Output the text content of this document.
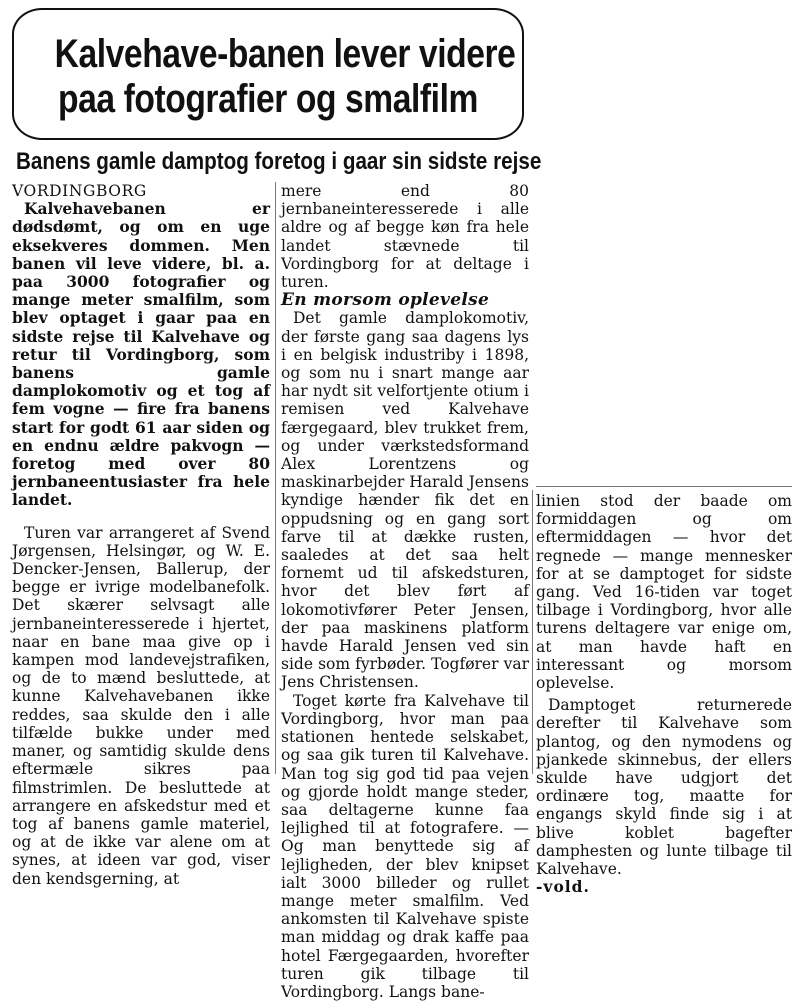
Kalvehave-banen lever videre
paa fotografier og smalfilm
Banens gamle damptog foretog i gaar sin sidste rejse

VORDINGBORG

Kalvehavebanen er dødsdømt, og om en uge eksekveres dommen. Men banen vil leve videre, bl. a. paa 3000 fotografier og mange meter smalfilm, som blev optaget i gaar paa en sidste rejse til Kalvehave og retur til Vordingborg, som banens gamle damplokomotiv og et tog af fem vogne — fire fra banens start for godt 61 aar siden og en endnu ældre pakvogn — foretog med over 80 jernbaneentusiaster fra hele landet.

Turen var arrangeret af Svend Jørgensen, Helsingør, og W. E. Dencker-Jensen, Ballerup, der begge er ivrige modelbanefolk. Det skærer selvsagt alle jernbaneinteresserede i hjertet, naar en bane maa give op i kampen mod landevejstrafiken, og de to mænd besluttede, at kunne Kalvehavebanen ikke reddes, saa skulde den i alle tilfælde bukke under med maner, og samtidig skulde dens eftermæle sikres paa filmstrimlen. De besluttede at arrangere en afskedstur med et tog af banens gamle materiel, og at de ikke var alene om at synes, at ideen var god, viser den kendsgerning, at

mere end 80 jernbaneinteresserede i alle aldre og af begge køn fra hele landet stævnede til Vordingborg for at deltage i turen.

En morsom oplevelse

Det gamle damplokomotiv, der første gang saa dagens lys i en belgisk industriby i 1898, og som nu i snart mange aar har nydt sit velfortjente otium i remisen ved Kalvehave færgegaard, blev trukket frem, og under værkstedsformand Alex Lorentzens og maskinarbejder Harald Jensens kyndige hænder fik det en oppudsning og en gang sort farve til at dække rusten, saaledes at det saa helt fornemt ud til afskedsturen, hvor det blev ført af lokomotivfører Peter Jensen, der paa maskinens platform havde Harald Jensen ved sin side som fyrbøder. Togfører var Jens Christensen.

Toget kørte fra Kalvehave til Vordingborg, hvor man paa stationen hentede selskabet, og saa gik turen til Kalvehave. Man tog sig god tid paa vejen og gjorde holdt mange steder, saa deltagerne kunne faa lejlighed til at fotografere. — Og man benyttede sig af lejligheden, der blev knipset ialt 3000 billeder og rullet mange meter smalfilm. Ved ankomsten til Kalvehave spiste man middag og drak kaffe paa hotel Færgegaarden, hvorefter turen gik tilbage til Vordingborg. Langs bane-

linien stod der baade om formiddagen og om eftermiddagen — hvor det regnede — mange mennesker for at se damptoget for sidste gang. Ved 16-tiden var toget tilbage i Vordingborg, hvor alle turens deltagere var enige om, at man havde haft en interessant og morsom oplevelse.

Damptoget returnerede derefter til Kalvehave som plantog, og den nymodens og pjankede skinnebus, der ellers skulde have udgjort det ordinære tog, maatte for engangs skyld finde sig i at blive koblet bagefter damphesten og lunte tilbage til Kalvehave.

-vold.
